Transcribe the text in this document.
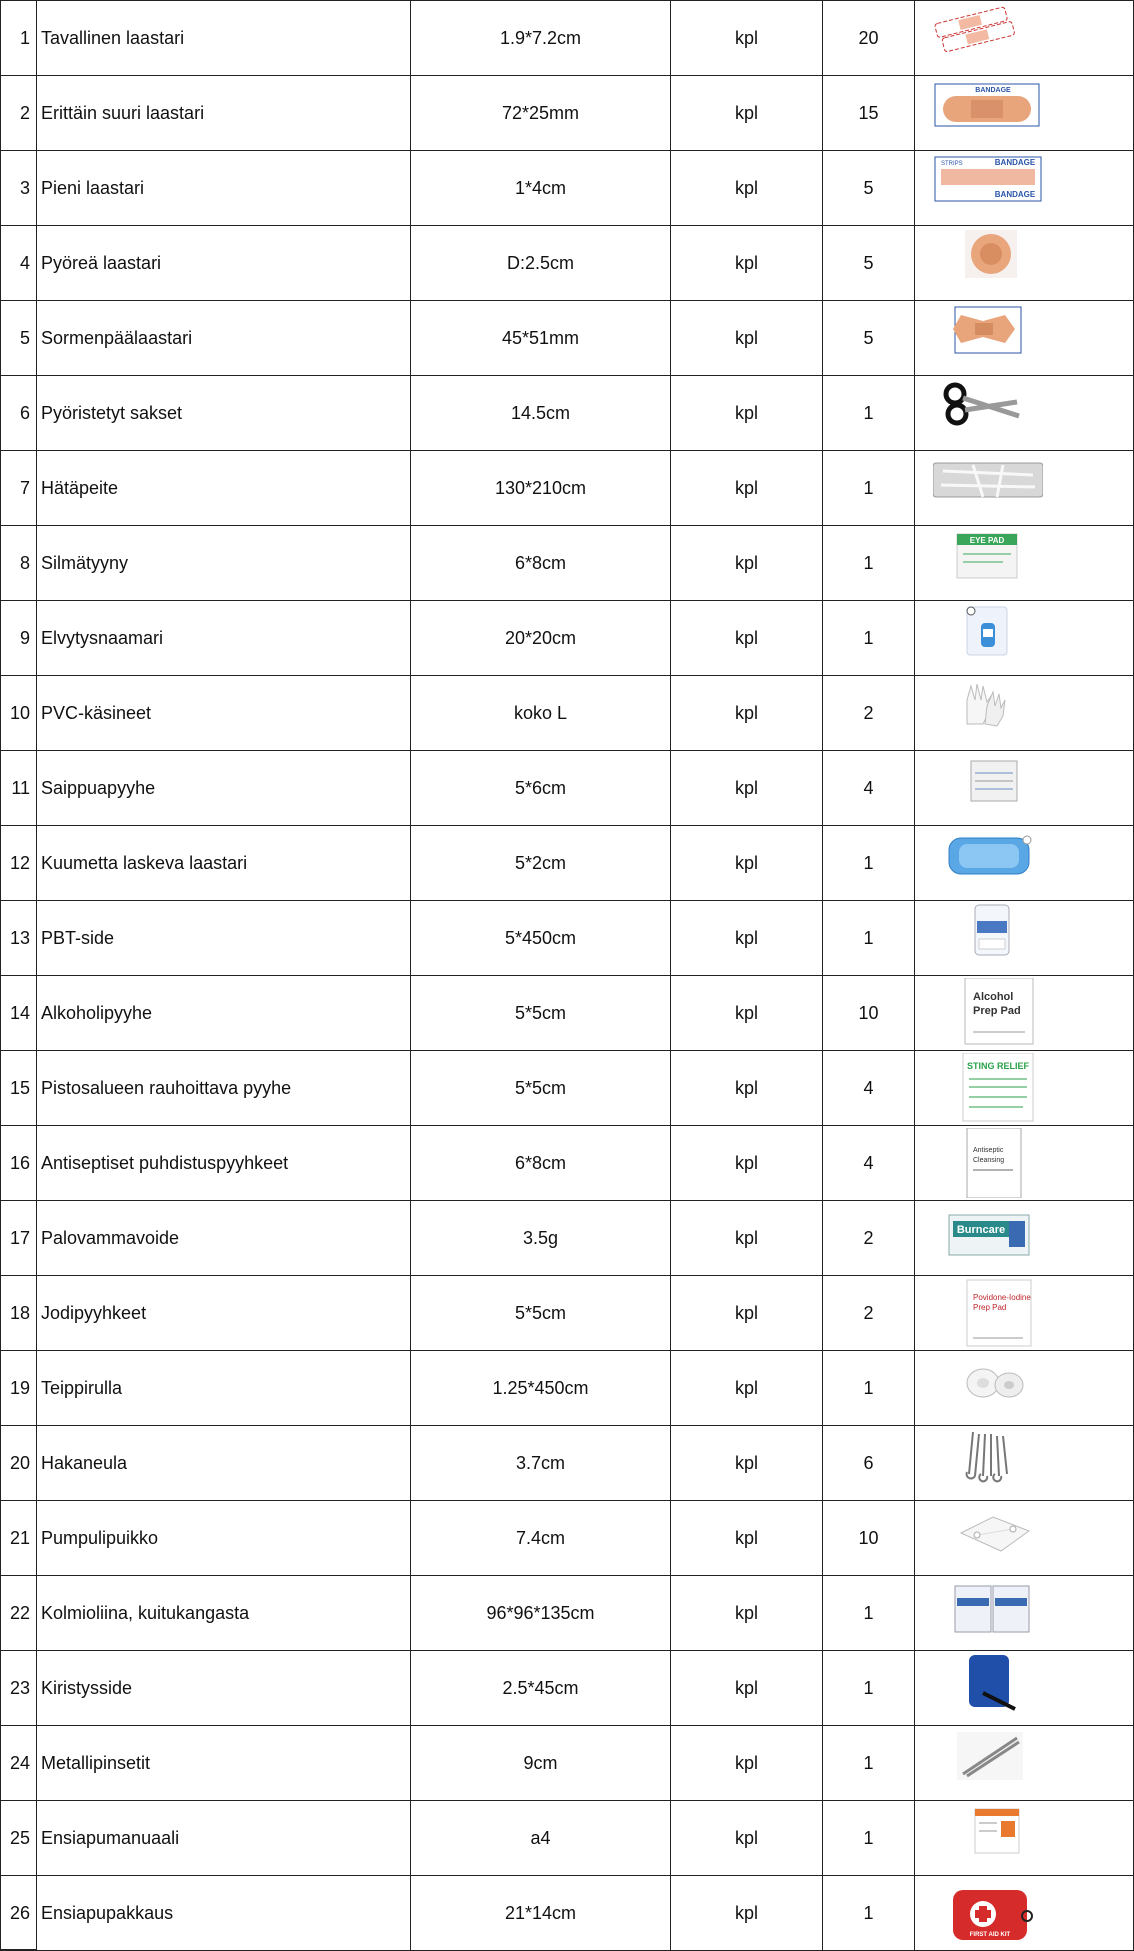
1	Tavallinen laastari	1.9*7.2cm	kpl	20	

2	Erittäin suuri laastari	72*25mm	kpl	15	BANDAGE

3	Pieni laastari	1*4cm	kpl	5	BANDAGE
STRIPS
BANDAGE

4	Pyöreä laastari	D:2.5cm	kpl	5	

5	Sormenpäälaastari	45*51mm	kpl	5	

6	Pyöristetyt sakset	14.5cm	kpl	1	

7	Hätäpeite	130*210cm	kpl	1	

8	Silmätyyny	6*8cm	kpl	1	EYE PAD

9	Elvytysnaamari	20*20cm	kpl	1	

10	PVC-käsineet	koko L	kpl	2	

11	Saippuapyyhe	5*6cm	kpl	4	

12	Kuumetta laskeva laastari	5*2cm	kpl	1	

13	PBT-side	5*450cm	kpl	1	

14	Alkoholipyyhe	5*5cm	kpl	10	Alcohol
Prep Pad

15	Pistosalueen rauhoittava pyyhe	5*5cm	kpl	4	STING RELIEF

16	Antiseptiset puhdistuspyyhkeet	6*8cm	kpl	4	Antiseptic
Cleansing

17	Palovammavoide	3.5g	kpl	2	Burncare

18	Jodipyyhkeet	5*5cm	kpl	2	Povidone-Iodine
Prep Pad

19	Teippirulla	1.25*450cm	kpl	1	

20	Hakaneula	3.7cm	kpl	6	

21	Pumpulipuikko	7.4cm	kpl	10	

22	Kolmioliina, kuitukangasta	96*96*135cm	kpl	1	

23	Kiristysside	2.5*45cm	kpl	1	

24	Metallipinsetit	9cm	kpl	1	

25	Ensiapumanuaali	a4	kpl	1	

26	Ensiapupakkaus	21*14cm	kpl	1	FIRST AID KIT
